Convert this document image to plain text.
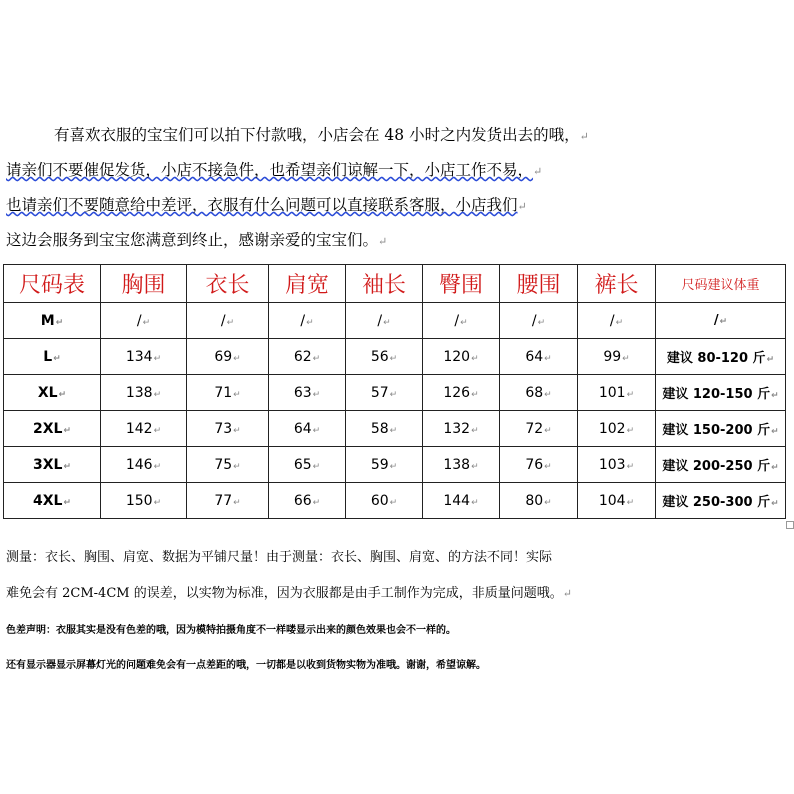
有喜欢衣服的宝宝们可以拍下付款哦，小店会在 48 小时之内发货出去的哦，↵

请亲们不要催促发货，小店不接急件，也希望亲们谅解一下，小店工作不易，↵

也请亲们不要随意给中差评，衣服有什么问题可以直接联系客服，小店我们↵

这边会服务到宝宝您满意到终止，感谢亲爱的宝宝们。↵

尺码表	胸围	衣长	肩宽	袖长	臀围	腰围	裤长	尺码建议体重
M↵	/↵	/↵	/↵	/↵	/↵	/↵	/↵	/↵
L↵	134↵	69↵	62↵	56↵	120↵	64↵	99↵	建议 80-120 斤↵
XL↵	138↵	71↵	63↵	57↵	126↵	68↵	101↵	建议 120-150 斤↵
2XL↵	142↵	73↵	64↵	58↵	132↵	72↵	102↵	建议 150-200 斤↵
3XL↵	146↵	75↵	65↵	59↵	138↵	76↵	103↵	建议 200-250 斤↵
4XL↵	150↵	77↵	66↵	60↵	144↵	80↵	104↵	建议 250-300 斤↵
测量：衣长、胸围、肩宽、数据为平铺尺量！由于测量：衣长、胸围、肩宽、的方法不同！实际
难免会有 2CM-4CM 的误差，以实物为标准，因为衣服都是由手工制作为完成，非质量问题哦。↵
色差声明：衣服其实是没有色差的哦，因为模特拍摄角度不一样喽显示出来的颜色效果也会不一样的。
还有显示器显示屏幕灯光的问题难免会有一点差距的哦，一切都是以收到货物实物为准哦。谢谢，希望谅解。
